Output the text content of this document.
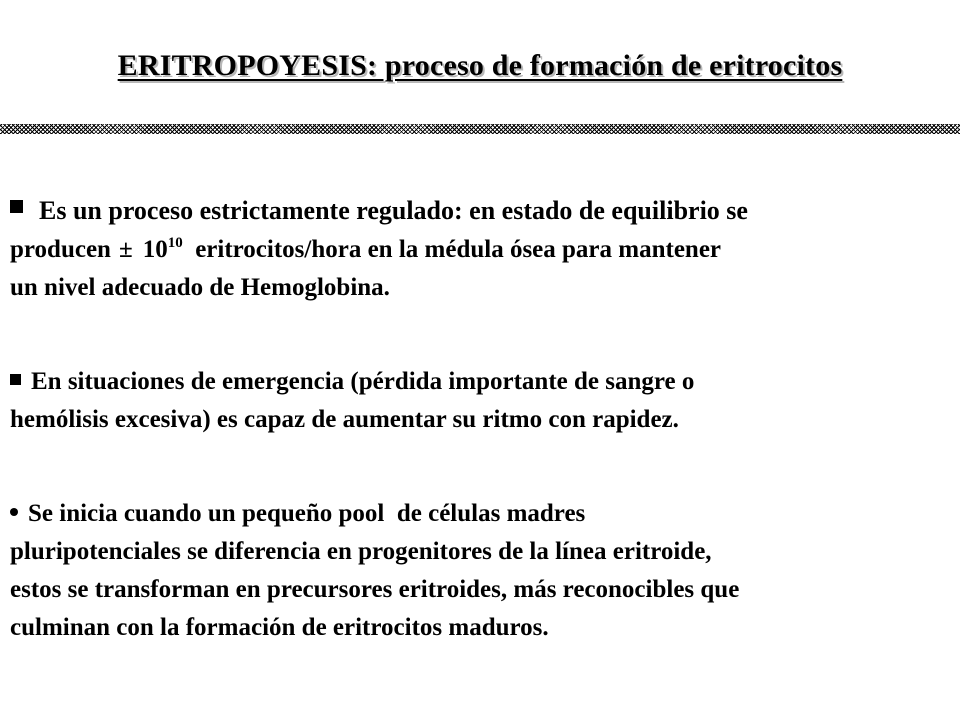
ERITROPOYESIS: proceso de formación de eritrocitos
Es un proceso estrictamente regulado: en estado de equilibrio se
producen ± $10^{10}$ eritrocitos/hora en la médula ósea para mantener
un nivel adecuado de Hemoglobina.
En situaciones de emergencia (pérdida importante de sangre o
hemólisis excesiva) es capaz de aumentar su ritmo con rapidez.
Se inicia cuando un pequeño pool  de células madres
pluripotenciales se diferencia en progenitores de la línea eritroide,
estos se transforman en precursores eritroides, más reconocibles que
culminan con la formación de eritrocitos maduros.
